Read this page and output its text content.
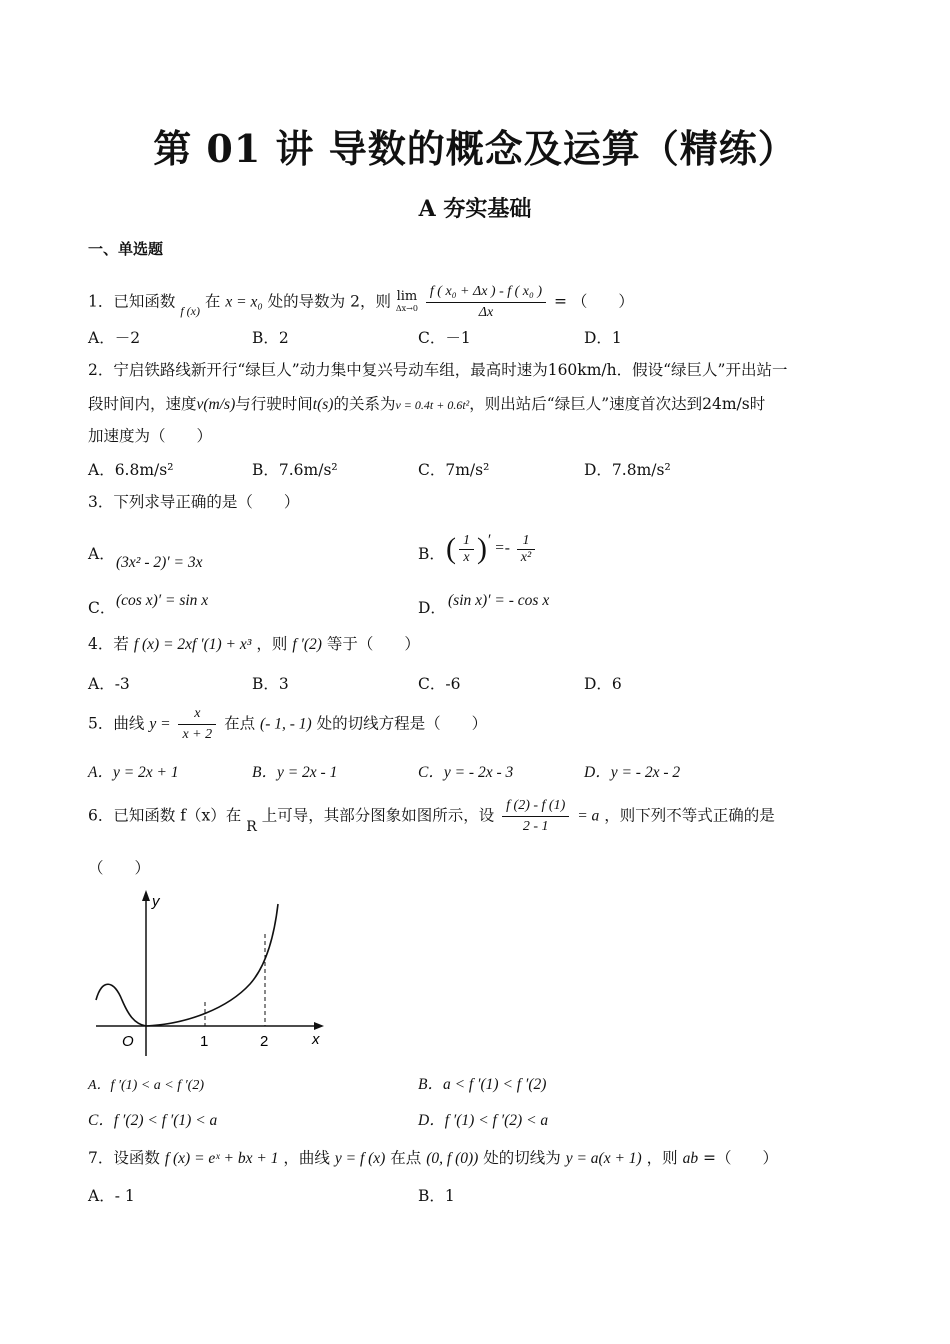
第 01 讲 导数的概念及运算（精练）
A 夯实基础
一、单选题
1．已知函数 $_{f (x)}$ 在 x = x₀ 处的导数为 2，则 lim
Δx→0
$\frac{\text{f ( x₀ + Δx ) - f ( x₀ )}}{\Delta x}$ = （　　）
A．－2	B．2	C．－1	D．1
2．宁启铁路线新开行“绿巨人”动力集中复兴号动车组，最高时速为160km/h．假设“绿巨人”开出站一
段时间内，速度v(m/s)与行驶时间t(s)的关系为v = 0.4t + 0.6t²，则出站后“绿巨人”速度首次达到24m/s时
加速度为（　　）
A．6.8m/s²	B．7.6m/s²	C．7m/s²	D．7.8m/s²
3．下列求导正确的是（　　）
A． (3x² - 2)′ = 3x	B． ( $\frac{1}{x}$ )′ =- $\frac{1}{\text{x²}}$
C． (cos x)′ = sin x	D． (sin x)′ = - cos x
4．若 f (x) = 2xf ′(1) + x³ ，则 f ′(2) 等于（　　）
A．-3	B．3	C．-6	D．6
5．曲线 $y = \frac{x}{x + 2}$ 在点 (- 1, - 1) 处的切线方程是（　　）
A．y = 2x + 1	B．y = 2x - 1	C．y = - 2x - 3	D．y = - 2x - 2
6．已知函数 f（x）在 R 上可导，其部分图象如图所示，设 $\frac{f (2) - f (1)}{2 - 1} = a$ ，则下列不等式正确的是
（　　）
y
x
O	1	2
A．f ′(1) < a < f ′(2)	B．a < f ′(1) < f ′(2)
C．f ′(2) < f ′(1) < a	D．f ′(1) < f ′(2) < a
7．设函数 f (x) = eˣ + bx + 1 ，曲线 y = f (x) 在点 (0, f (0)) 处的切线为 y = a(x + 1) ，则 ab =（　　）
A．- 1	B．1
